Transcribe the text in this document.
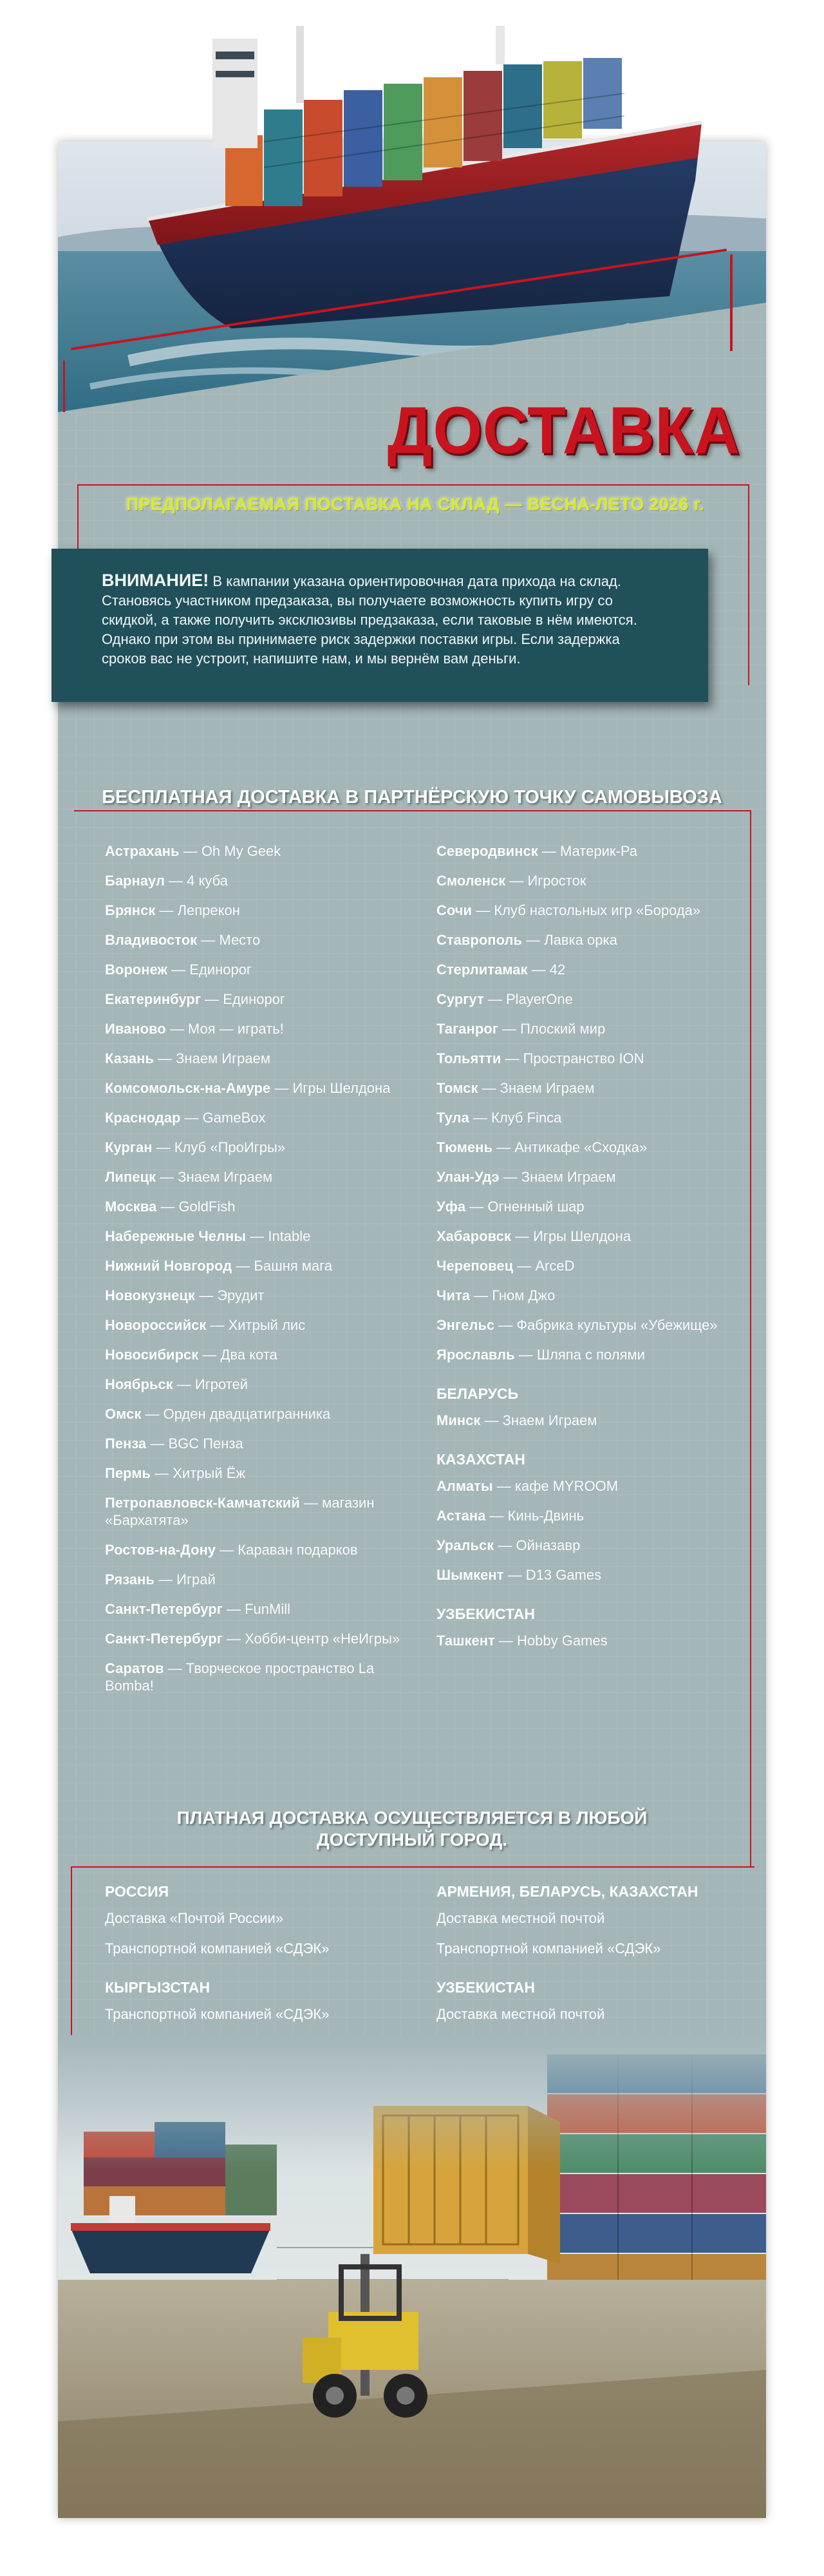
ДОСТАВКА
ПРЕДПОЛАГАЕМАЯ ПОСТАВКА НА СКЛАД — ВЕСНА-ЛЕТО 2026 г.
ВНИМАНИЕ! В кампании указана ориентировочная дата прихода на склад. Становясь участником предзаказа, вы получаете возможность купить игру со скидкой, а также получить эксклюзивы предзаказа, если таковые в нём имеются. Однако при этом вы принимаете риск задержки поставки игры. Если задержка сроков вас не устроит, напишите нам, и мы вернём вам деньги.
БЕСПЛАТНАЯ ДОСТАВКА В ПАРТНЁРСКУЮ ТОЧКУ САМОВЫВОЗА
Астрахань — Oh My Geek
Барнаул — 4 куба
Брянск — Лепрекон
Владивосток — Место
Воронеж — Единорог
Екатеринбург — Единорог
Иваново — Моя — играть!
Казань — Знаем Играем
Комсомольск-на-Амуре — Игры Шелдона
Краснодар — GameBox
Курган — Клуб «ПроИгры»
Липецк — Знаем Играем
Москва — GoldFish
Набережные Челны — Intable
Нижний Новгород — Башня мага
Новокузнецк — Эрудит
Новороссийск — Хитрый лис
Новосибирск — Два кота
Ноябрьск — Игротей
Омск — Орден двадцатигранника
Пенза — BGC Пенза
Пермь — Хитрый Ёж
Петропавловск-Камчатский — магазин «Бархатята»
Ростов-на-Дону — Караван подарков
Рязань — Играй
Санкт-Петербург — FunMill
Санкт-Петербург — Хобби-центр «НеИгры»
Саратов — Творческое пространство La Bomba!
Северодвинск — Материк-Ра
Смоленск — Игросток
Сочи — Клуб настольных игр «Борода»
Ставрополь — Лавка орка
Стерлитамак — 42
Сургут — PlayerOne
Таганрог — Плоский мир
Тольятти — Пространство ION
Томск — Знаем Играем
Тула — Клуб Finca
Тюмень — Антикафе «Сходка»
Улан-Удэ — Знаем Играем
Уфа — Огненный шар
Хабаровск — Игры Шелдона
Череповец — ArceD
Чита — Гном Джо
Энгельс — Фабрика культуры «Убежище»
Ярославль — Шляпа с полями
БЕЛАРУСЬ
Минск — Знаем Играем
КАЗАХСТАН
Алматы — кафе MYROOM
Астана — Кинь-Двинь
Уральск — Ойназавр
Шымкент — D13 Games
УЗБЕКИСТАН
Ташкент — Hobby Games
ПЛАТНАЯ ДОСТАВКА ОСУЩЕСТВЛЯЕТСЯ В ЛЮБОЙ
ДОСТУПНЫЙ ГОРОД.
РОССИЯ
Доставка «Почтой России»
Транспортной компанией «СДЭК»
КЫРГЫЗСТАН
Транспортной компанией «СДЭК»
АРМЕНИЯ, БЕЛАРУСЬ, КАЗАХСТАН
Доставка местной почтой
Транспортной компанией «СДЭК»
УЗБЕКИСТАН
Доставка местной почтой
